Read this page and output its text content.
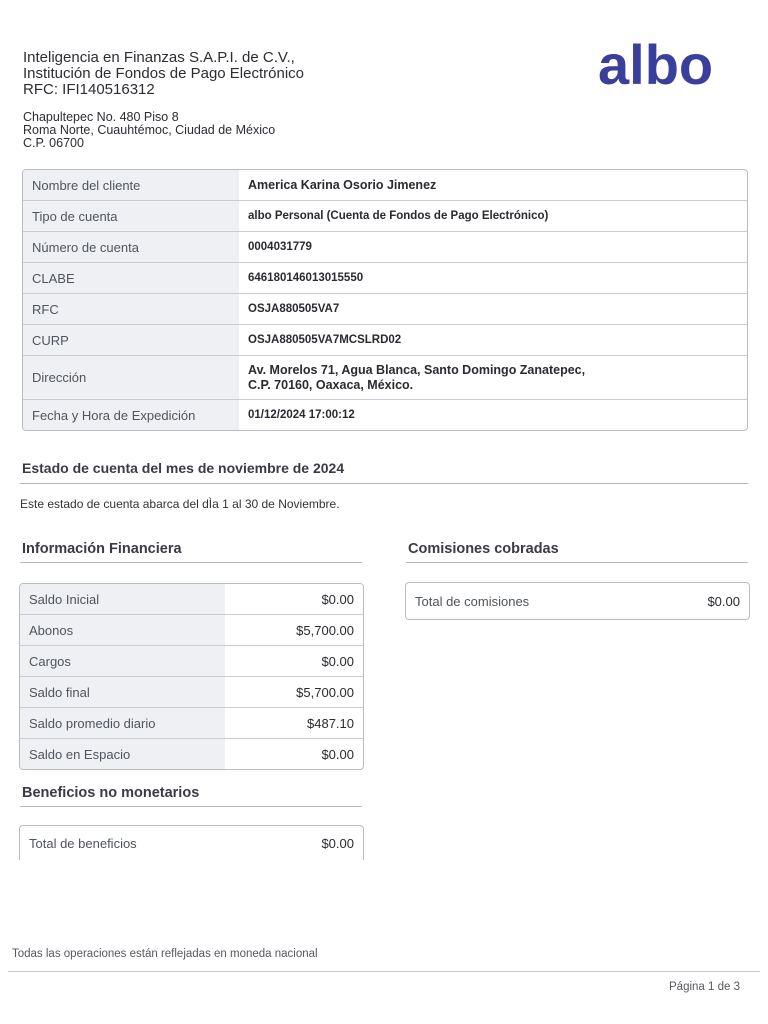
Inteligencia en Finanzas S.A.P.I. de C.V.,
Institución de Fondos de Pago Electrónico
RFC: IFI140516312
Chapultepec No. 480 Piso 8
Roma Norte, Cuauhtémoc, Ciudad de México
C.P. 06700
albo
Nombre del cliente	America Karina Osorio Jimenez
Tipo de cuenta	albo Personal (Cuenta de Fondos de Pago Electrónico)
Número de cuenta	0004031779
CLABE	646180146013015550
RFC	OSJA880505VA7
CURP	OSJA880505VA7MCSLRD02
Dirección
Av. Morelos 71, Agua Blanca, Santo Domingo Zanatepec,
C.P. 70160, Oaxaca, México.
Fecha y Hora de Expedición	01/12/2024 17:00:12
Estado de cuenta del mes de noviembre de 2024
Este estado de cuenta abarca del dÌa 1 al 30 de Noviembre.
Información Financiera
Saldo Inicial	$0.00
Abonos	$5,700.00
Cargos	$0.00
Saldo final	$5,700.00
Saldo promedio diario	$487.10
Saldo en Espacio	$0.00
Comisiones cobradas
Total de comisiones	$0.00
Beneficios no monetarios
Total de beneficios	$0.00
Todas las operaciones están reflejadas en moneda nacional
Página 1 de 3
